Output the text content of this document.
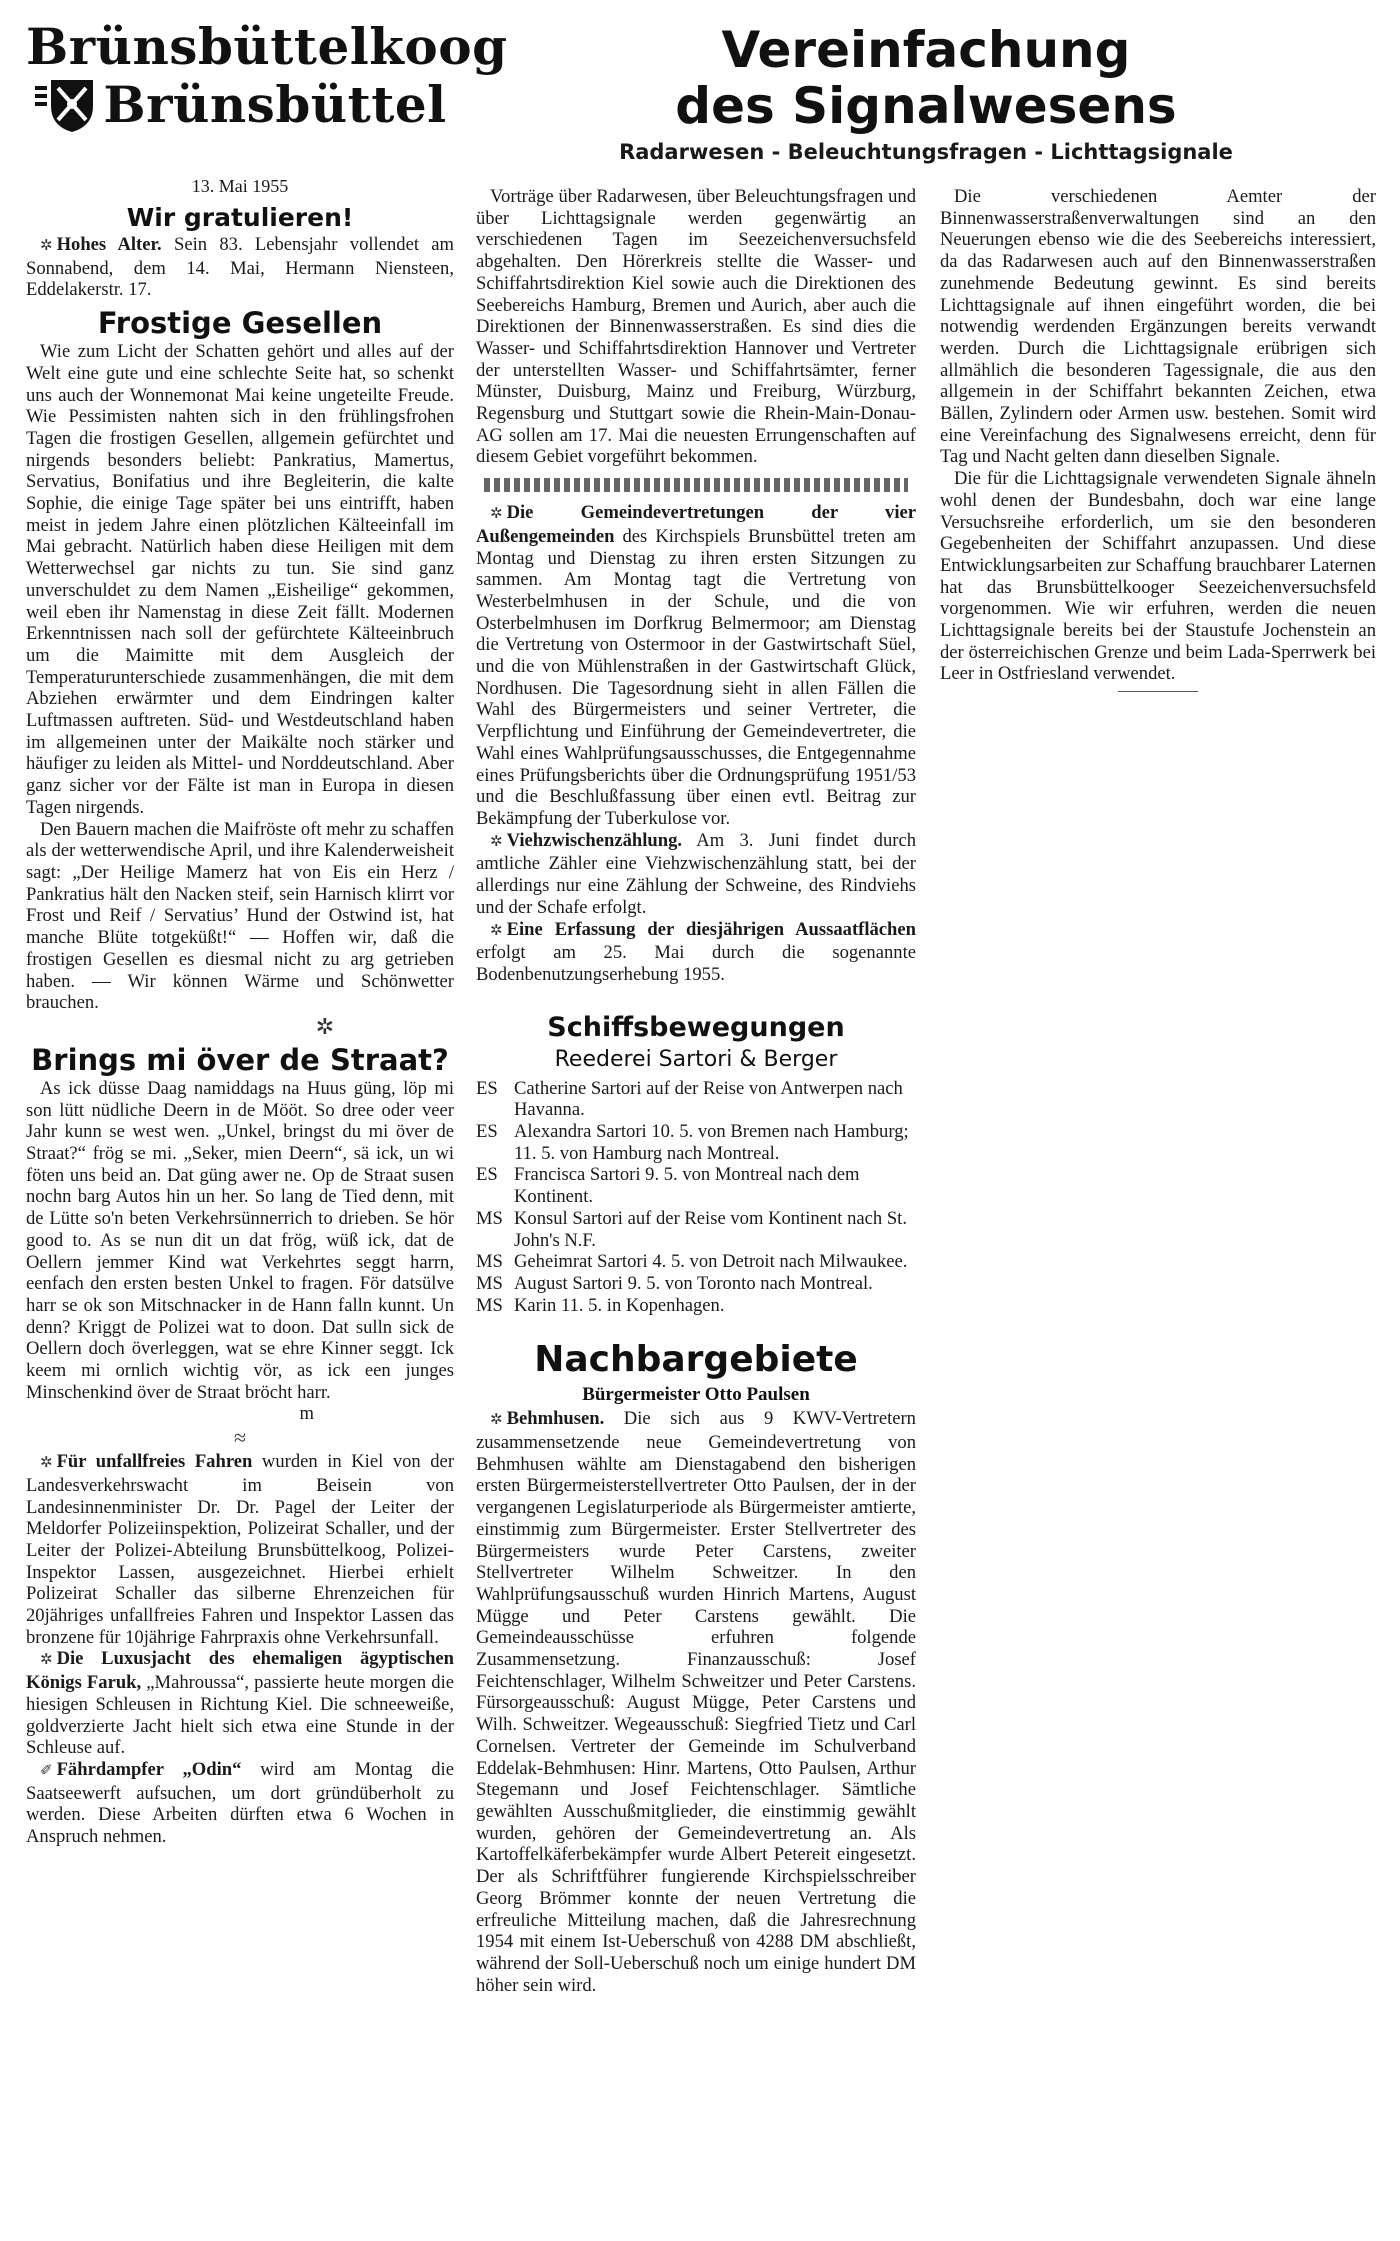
Brünsbüttelkoog
Brünsbüttel
13. Mai 1955
Wir gratulieren!

✲ Hohes Alter. Sein 83. Lebensjahr vollendet am Sonnabend, dem 14. Mai, Hermann Niensteen, Eddelakerstr. 17.

Frostige Gesellen

Wie zum Licht der Schatten gehört und alles auf der Welt eine gute und eine schlechte Seite hat, so schenkt uns auch der Wonnemonat Mai keine ungeteilte Freude. Wie Pessimisten nahten sich in den frühlingsfrohen Tagen die frostigen Gesellen, allgemein gefürchtet und nirgends besonders beliebt: Pankratius, Mamertus, Servatius, Bonifatius und ihre Begleiterin, die kalte Sophie, die einige Tage später bei uns eintrifft, haben meist in jedem Jahre einen plötzlichen Kälteeinfall im Mai gebracht. Natürlich haben diese Heiligen mit dem Wetterwechsel gar nichts zu tun. Sie sind ganz unverschuldet zu dem Namen „Eisheilige“ gekommen, weil eben ihr Namenstag in diese Zeit fällt. Modernen Erkenntnissen nach soll der gefürchtete Kälteeinbruch um die Maimitte mit dem Ausgleich der Temperaturunterschiede zusammenhängen, die mit dem Abziehen erwärmter und dem Eindringen kalter Luftmassen auftreten. Süd- und Westdeutschland haben im allgemeinen unter der Maikälte noch stärker und häufiger zu leiden als Mittel- und Norddeutschland. Aber ganz sicher vor der Fälte ist man in Europa in diesen Tagen nirgends.

Den Bauern machen die Maifröste oft mehr zu schaffen als der wetterwendische April, und ihre Kalenderweisheit sagt: „Der Heilige Mamerz hat von Eis ein Herz / Pankratius hält den Nacken steif, sein Harnisch klirrt vor Frost und Reif / Servatius’ Hund der Ostwind ist, hat manche Blüte totgeküßt!“ — Hoffen wir, daß die frostigen Gesellen es diesmal nicht zu arg getrieben haben. — Wir können Wärme und Schönwetter brauchen.

✲
Brings mi över de Straat?

As ick düsse Daag namiddags na Huus güng, löp mi son lütt nüdliche Deern in de Mööt. So dree oder veer Jahr kunn se west wen. „Unkel, bringst du mi över de Straat?“ frög se mi. „Seker, mien Deern“, sä ick, un wi föten uns beid an. Dat güng awer ne. Op de Straat susen nochn barg Autos hin un her. So lang de Tied denn, mit de Lütte so'n beten Verkehrsünnerrich to drieben. Se hör good to. As se nun dit un dat frög, wüß ick, dat de Oellern jemmer Kind wat Verkehrtes seggt harrn, eenfach den ersten besten Unkel to fragen. För datsülve harr se ok son Mitschnacker in de Hann falln kunnt. Un denn? Kriggt de Polizei wat to doon. Dat sulln sick de Oellern doch överleggen, wat se ehre Kinner seggt. Ick keem mi ornlich wichtig vör, as ick een junges Minschenkind över de Straat bröcht harr.

m

≈

✲ Für unfallfreies Fahren wurden in Kiel von der Landesverkehrswacht im Beisein von Landesinnenminister Dr. Dr. Pagel der Leiter der Meldorfer Polizeiinspektion, Polizeirat Schaller, und der Leiter der Polizei-Abteilung Brunsbüttelkoog, Polizei-Inspektor Lassen, ausgezeichnet. Hierbei erhielt Polizeirat Schaller das silberne Ehrenzeichen für 20jähriges unfallfreies Fahren und Inspektor Lassen das bronzene für 10jährige Fahrpraxis ohne Verkehrsunfall.

✲ Die Luxusjacht des ehemaligen ägyptischen Königs Faruk, „Mahroussa“, passierte heute morgen die hiesigen Schleusen in Richtung Kiel. Die schneeweiße, goldverzierte Jacht hielt sich etwa eine Stunde in der Schleuse auf.

✐ Fährdampfer „Odin“ wird am Montag die Saatseewerft aufsuchen, um dort gründüberholt zu werden. Diese Arbeiten dürften etwa 6 Wochen in Anspruch nehmen.

Vereinfachung
des Signalwesens
Radarwesen - Beleuchtungsfragen - Lichttagsignale

Vorträge über Radarwesen, über Beleuchtungsfragen und über Lichttagsignale werden gegenwärtig an verschiedenen Tagen im Seezeichenversuchsfeld abgehalten. Den Hörerkreis stellte die Wasser- und Schiffahrtsdirektion Kiel sowie auch die Direktionen des Seebereichs Hamburg, Bremen und Aurich, aber auch die Direktionen der Binnenwasserstraßen. Es sind dies die Wasser- und Schiffahrtsdirektion Hannover und Vertreter der unterstellten Wasser- und Schiffahrtsämter, ferner Münster, Duisburg, Mainz und Freiburg, Würzburg, Regensburg und Stuttgart sowie die Rhein-Main-Donau-AG sollen am 17. Mai die neuesten Errungenschaften auf diesem Gebiet vorgeführt bekommen.

✲ Die Gemeindevertretungen der vier Außengemeinden des Kirchspiels Brunsbüttel treten am Montag und Dienstag zu ihren ersten Sitzungen zu sammen. Am Montag tagt die Vertretung von Westerbelmhusen in der Schule, und die von Osterbelmhusen im Dorfkrug Belmermoor; am Dienstag die Vertretung von Ostermoor in der Gastwirtschaft Süel, und die von Mühlenstraßen in der Gastwirtschaft Glück, Nordhusen. Die Tagesordnung sieht in allen Fällen die Wahl des Bürgermeisters und seiner Vertreter, die Verpflichtung und Einführung der Gemeindevertreter, die Wahl eines Wahlprüfungsausschusses, die Entgegennahme eines Prüfungsberichts über die Ordnungsprüfung 1951/53 und die Beschlußfassung über einen evtl. Beitrag zur Bekämpfung der Tuberkulose vor.

✲ Viehzwischenzählung. Am 3. Juni findet durch amtliche Zähler eine Viehzwischenzählung statt, bei der allerdings nur eine Zählung der Schweine, des Rindviehs und der Schafe erfolgt.

✲ Eine Erfassung der diesjährigen Aussaatflächen erfolgt am 25. Mai durch die sogenannte Bodenbenutzungserhebung 1955.

Schiffsbewegungen
Reederei Sartori & Berger
ES Catherine Sartori auf der Reise von Antwerpen nach Havanna.
ES Alexandra Sartori 10. 5. von Bremen nach Hamburg; 11. 5. von Hamburg nach Montreal.
ES Francisca Sartori 9. 5. von Montreal nach dem Kontinent.
MS Konsul Sartori auf der Reise vom Kontinent nach St. John's N.F.
MS Geheimrat Sartori 4. 5. von Detroit nach Milwaukee.
MS August Sartori 9. 5. von Toronto nach Montreal.
MS Karin 11. 5. in Kopenhagen.
Nachbargebiete
Bürgermeister Otto Paulsen

✲ Behmhusen. Die sich aus 9 KWV-Vertretern zusammensetzende neue Gemeindevertretung von Behmhusen wählte am Dienstagabend den bisherigen ersten Bürgermeisterstellvertreter Otto Paulsen, der in der vergangenen Legislaturperiode als Bürgermeister amtierte, einstimmig zum Bürgermeister. Erster Stellvertreter des Bürgermeisters wurde Peter Carstens, zweiter Stellvertreter Wilhelm Schweitzer. In den Wahlprüfungsausschuß wurden Hinrich Martens, August Mügge und Peter Carstens gewählt. Die Gemeindeausschüsse erfuhren folgende Zusammensetzung. Finanzausschuß: Josef Feichtenschlager, Wilhelm Schweitzer und Peter Carstens. Fürsorgeausschuß: August Mügge, Peter Carstens und Wilh. Schweitzer. Wegeausschuß: Siegfried Tietz und Carl Cornelsen. Vertreter der Gemeinde im Schulverband Eddelak-Behmhusen: Hinr. Martens, Otto Paulsen, Arthur Stegemann und Josef Feichtenschlager. Sämtliche gewählten Ausschußmitglieder, die einstimmig gewählt wurden, gehören der Gemeindevertretung an. Als Kartoffelkäferbekämpfer wurde Albert Petereit eingesetzt. Der als Schriftführer fungierende Kirchspielsschreiber Georg Brömmer konnte der neuen Vertretung die erfreuliche Mitteilung machen, daß die Jahresrechnung 1954 mit einem Ist-Ueberschuß von 4288 DM abschließt, während der Soll-Ueberschuß noch um einige hundert DM höher sein wird.

Die verschiedenen Aemter der Binnenwasserstraßenverwaltungen sind an den Neuerungen ebenso wie die des Seebereichs interessiert, da das Radarwesen auch auf den Binnenwasserstraßen zunehmende Bedeutung gewinnt. Es sind bereits Lichttagsignale auf ihnen eingeführt worden, die bei notwendig werdenden Ergänzungen bereits verwandt werden. Durch die Lichttagsignale erübrigen sich allmählich die besonderen Tagessignale, die aus den allgemein in der Schiffahrt bekannten Zeichen, etwa Bällen, Zylindern oder Armen usw. bestehen. Somit wird eine Vereinfachung des Signalwesens erreicht, denn für Tag und Nacht gelten dann dieselben Signale.

Die für die Lichttagsignale verwendeten Signale ähneln wohl denen der Bundesbahn, doch war eine lange Versuchsreihe erforderlich, um sie den besonderen Gegebenheiten der Schiffahrt anzupassen. Und diese Entwicklungsarbeiten zur Schaffung brauchbarer Laternen hat das Brunsbüttelkooger Seezeichenversuchsfeld vorgenommen. Wie wir erfuhren, werden die neuen Lichttagsignale bereits bei der Staustufe Jochenstein an der österreichischen Grenze und beim Lada-Sperrwerk bei Leer in Ostfriesland verwendet.
